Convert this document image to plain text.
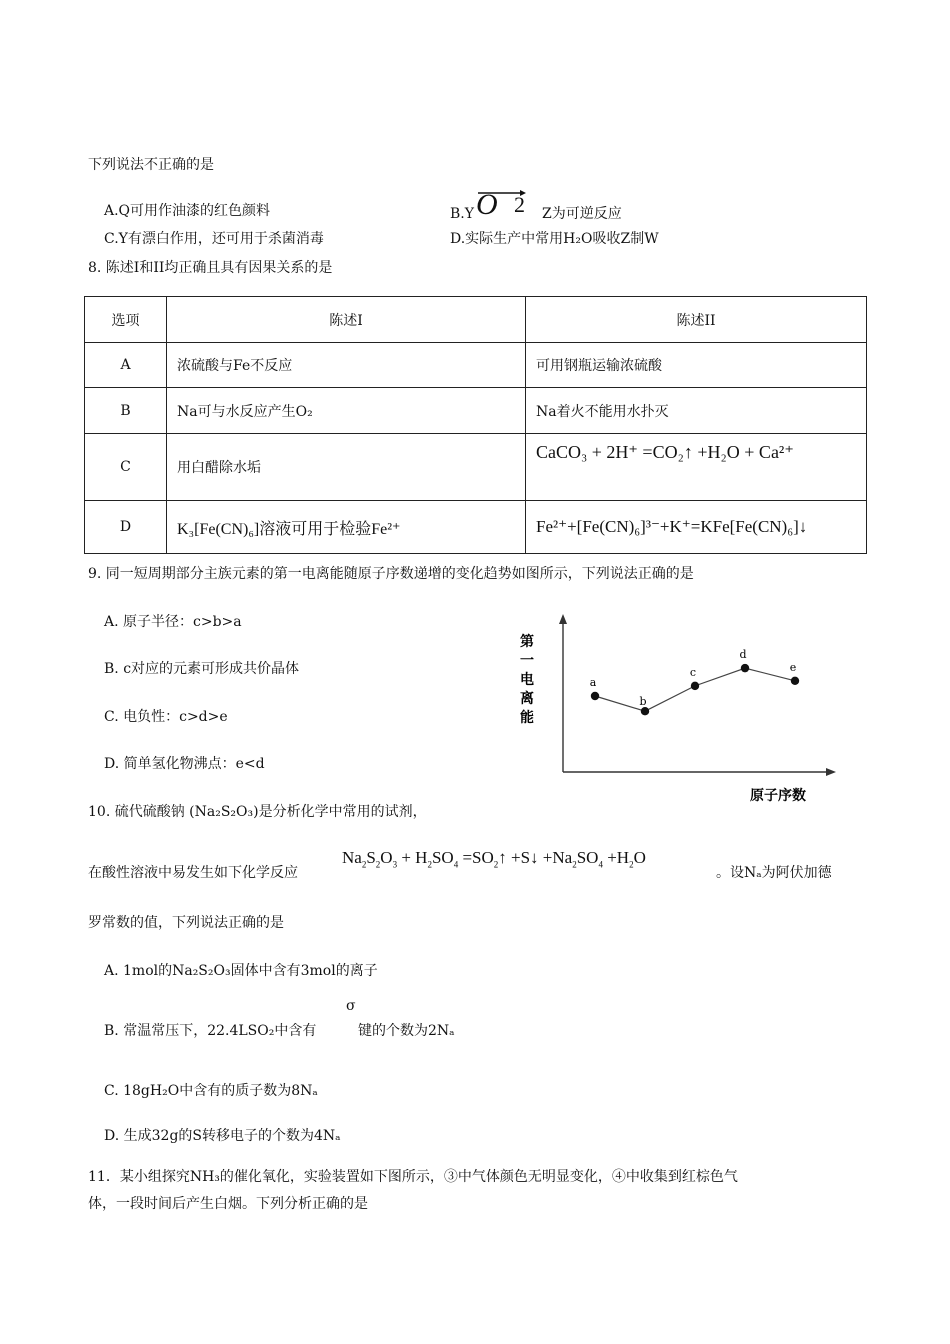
下列说法不正确的是
A.Q可用作油漆的红色颜料	B.Y O 2 Z为可逆反应
C.Y有漂白作用，还可用于杀菌消毒	D.实际生产中常用H₂O吸收Z制W
8. 陈述I和II均正确且具有因果关系的是
选项	陈述I	陈述II
A	浓硫酸与Fe不反应	可用钢瓶运输浓硫酸
B	Na可与水反应产生O₂	Na着火不能用水扑灭
C	用白醋除水垢	CaCO₃ + 2H⁺ =CO₂↑ +H₂O + Ca²⁺
D	K₃[Fe(CN)₆]溶液可用于检验Fe²⁺	Fe²⁺+[Fe(CN)₆]³⁻+K⁺=KFe[Fe(CN)₆]↓
9. 同一短周期部分主族元素的第一电离能随原子序数递增的变化趋势如图所示，下列说法正确的是
A. 原子半径：c>b>a
B. c对应的元素可形成共价晶体
C. 电负性：c>d>e
D. 简单氢化物沸点：e<d
第一电离能
原子序数
a
b
c
d
e
10. 硫代硫酸钠 (Na₂S₂O₃)是分析化学中常用的试剂，
在酸性溶液中易发生如下化学反应
$Na_2S_2O_3 + H_2SO_4$ $=SO_2↑$ +S↓ $+Na_2SO_4 +H_2O$
。设Nₐ为阿伏加德
罗常数的值，下列说法正确的是
A. 1mol的Na₂S₂O₃固体中含有3mol的离子
B. 常温常压下，22.4LSO₂中含有
σ
键的个数为2Nₐ
C. 18gH₂O中含有的质子数为8Nₐ
D. 生成32g的S转移电子的个数为4Nₐ
11．某小组探究NH₃的催化氧化，实验装置如下图所示，③中气体颜色无明显变化，④中收集到红棕色气
体，一段时间后产生白烟。下列分析正确的是
